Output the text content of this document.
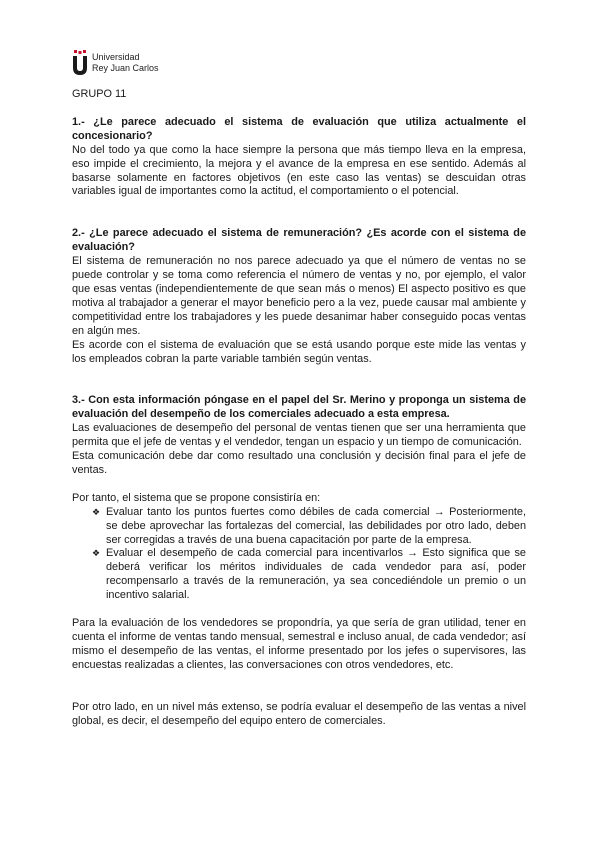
Universidad
Rey Juan Carlos
GRUPO 11
1.- ¿Le parece adecuado el sistema de evaluación que utiliza actualmente el concesionario?

No del todo ya que como la hace siempre la persona que más tiempo lleva en la empresa, eso impide el crecimiento, la mejora y el avance de la empresa en ese sentido. Además al basarse solamente en factores objetivos (en este caso las ventas) se descuidan otras variables igual de importantes como la actitud, el comportamiento o el potencial.

2.- ¿Le parece adecuado el sistema de remuneración? ¿Es acorde con el sistema de evaluación?

El sistema de remuneración no nos parece adecuado ya que el número de ventas no se puede controlar y se toma como referencia el número de ventas y no, por ejemplo, el valor que esas ventas (independientemente de que sean más o menos) El aspecto positivo es que motiva al trabajador a generar el mayor beneficio pero a la vez, puede causar mal ambiente y competitividad entre los trabajadores y les puede desanimar haber conseguido pocas ventas en algún mes.

Es acorde con el sistema de evaluación que se está usando porque este mide las ventas y los empleados cobran la parte variable también según ventas.

3.- Con esta información póngase en el papel del Sr. Merino y proponga un sistema de evaluación del desempeño de los comerciales adecuado a esta empresa.

Las evaluaciones de desempeño del personal de ventas tienen que ser una herramienta que permita que el jefe de ventas y el vendedor, tengan un espacio y un tiempo de comunicación.

Esta comunicación debe dar como resultado una conclusión y decisión final para el jefe de ventas.

Por tanto, el sistema que se propone consistiría en:

❖ Evaluar tanto los puntos fuertes como débiles de cada comercial → Posteriormente, se debe aprovechar las fortalezas del comercial, las debilidades por otro lado, deben ser corregidas a través de una buena capacitación por parte de la empresa.
❖ Evaluar el desempeño de cada comercial para incentivarlos → Esto significa que se deberá verificar los méritos individuales de cada vendedor para así, poder recompensarlo a través de la remuneración, ya sea concediéndole un premio o un incentivo salarial.

Para la evaluación de los vendedores se propondría, ya que sería de gran utilidad, tener en cuenta el informe de ventas tando mensual, semestral e incluso anual, de cada vendedor; así mismo el desempeño de las ventas, el informe presentado por los jefes o supervisores, las encuestas realizadas a clientes, las conversaciones con otros vendedores, etc.

Por otro lado, en un nivel más extenso, se podría evaluar el desempeño de las ventas a nivel global, es decir, el desempeño del equipo entero de comerciales.
